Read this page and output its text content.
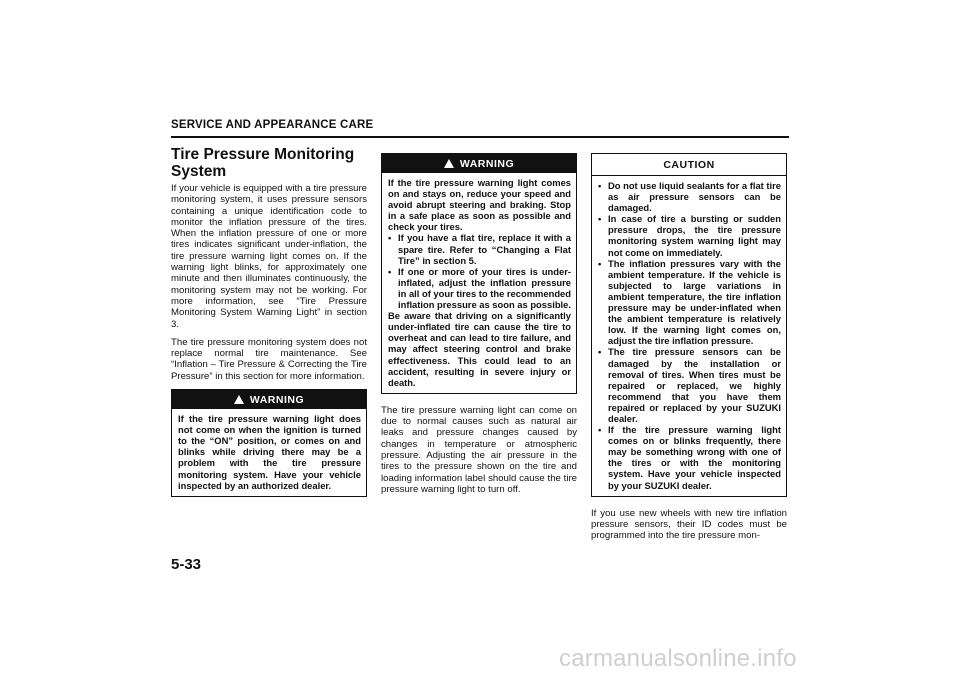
SERVICE AND APPEARANCE CARE
Tire Pressure Monitoring System

If your vehicle is equipped with a tire pressure monitoring system, it uses pressure sensors containing a unique identification code to monitor the inflation pressure of the tires. When the inflation pressure of one or more tires indicates significant under-inflation, the tire pressure warning light comes on. If the warning light blinks, for approximately one minute and then illuminates continuously, the monitoring system may not be working. For more information, see “Tire Pressure Monitoring System Warning Light” in section 3.

The tire pressure monitoring system does not replace normal tire maintenance. See “Inflation – Tire Pressure & Correcting the Tire Pressure” in this section for more information.

WARNING
If the tire pressure warning light does not come on when the ignition is turned to the “ON” position, or comes on and blinks while driving there may be a problem with the tire pressure monitoring system. Have your vehicle inspected by an authorized dealer.
WARNING
If the tire pressure warning light comes on and stays on, reduce your speed and avoid abrupt steering and braking. Stop in a safe place as soon as possible and check your tires.
• If you have a flat tire, replace it with a spare tire. Refer to “Changing a Flat Tire” in section 5.
• If one or more of your tires is under-inflated, adjust the inflation pressure in all of your tires to the recommended inflation pressure as soon as possible.
Be aware that driving on a significantly under-inflated tire can cause the tire to overheat and can lead to tire failure, and may affect steering control and brake effectiveness. This could lead to an accident, resulting in severe injury or death.

The tire pressure warning light can come on due to normal causes such as natural air leaks and pressure changes caused by changes in temperature or atmospheric pressure. Adjusting the air pressure in the tires to the pressure shown on the tire and loading information label should cause the tire pressure warning light to turn off.

CAUTION
• Do not use liquid sealants for a flat tire as air pressure sensors can be damaged.
• In case of tire a bursting or sudden pressure drops, the tire pressure monitoring system warning light may not come on immediately.
• The inflation pressures vary with the ambient temperature. If the vehicle is subjected to large variations in ambient temperature, the tire inflation pressure may be under-inflated when the ambient temperature is relatively low. If the warning light comes on, adjust the tire inflation pressure.
• The tire pressure sensors can be damaged by the installation or removal of tires. When tires must be repaired or replaced, we highly recommend that you have them repaired or replaced by your SUZUKI dealer.
• If the tire pressure warning light comes on or blinks frequently, there may be something wrong with one of the tires or with the monitoring system. Have your vehicle inspected by your SUZUKI dealer.

If you use new wheels with new tire inflation pressure sensors, their ID codes must be programmed into the tire pressure mon-

5-33
carmanualsonline.info
